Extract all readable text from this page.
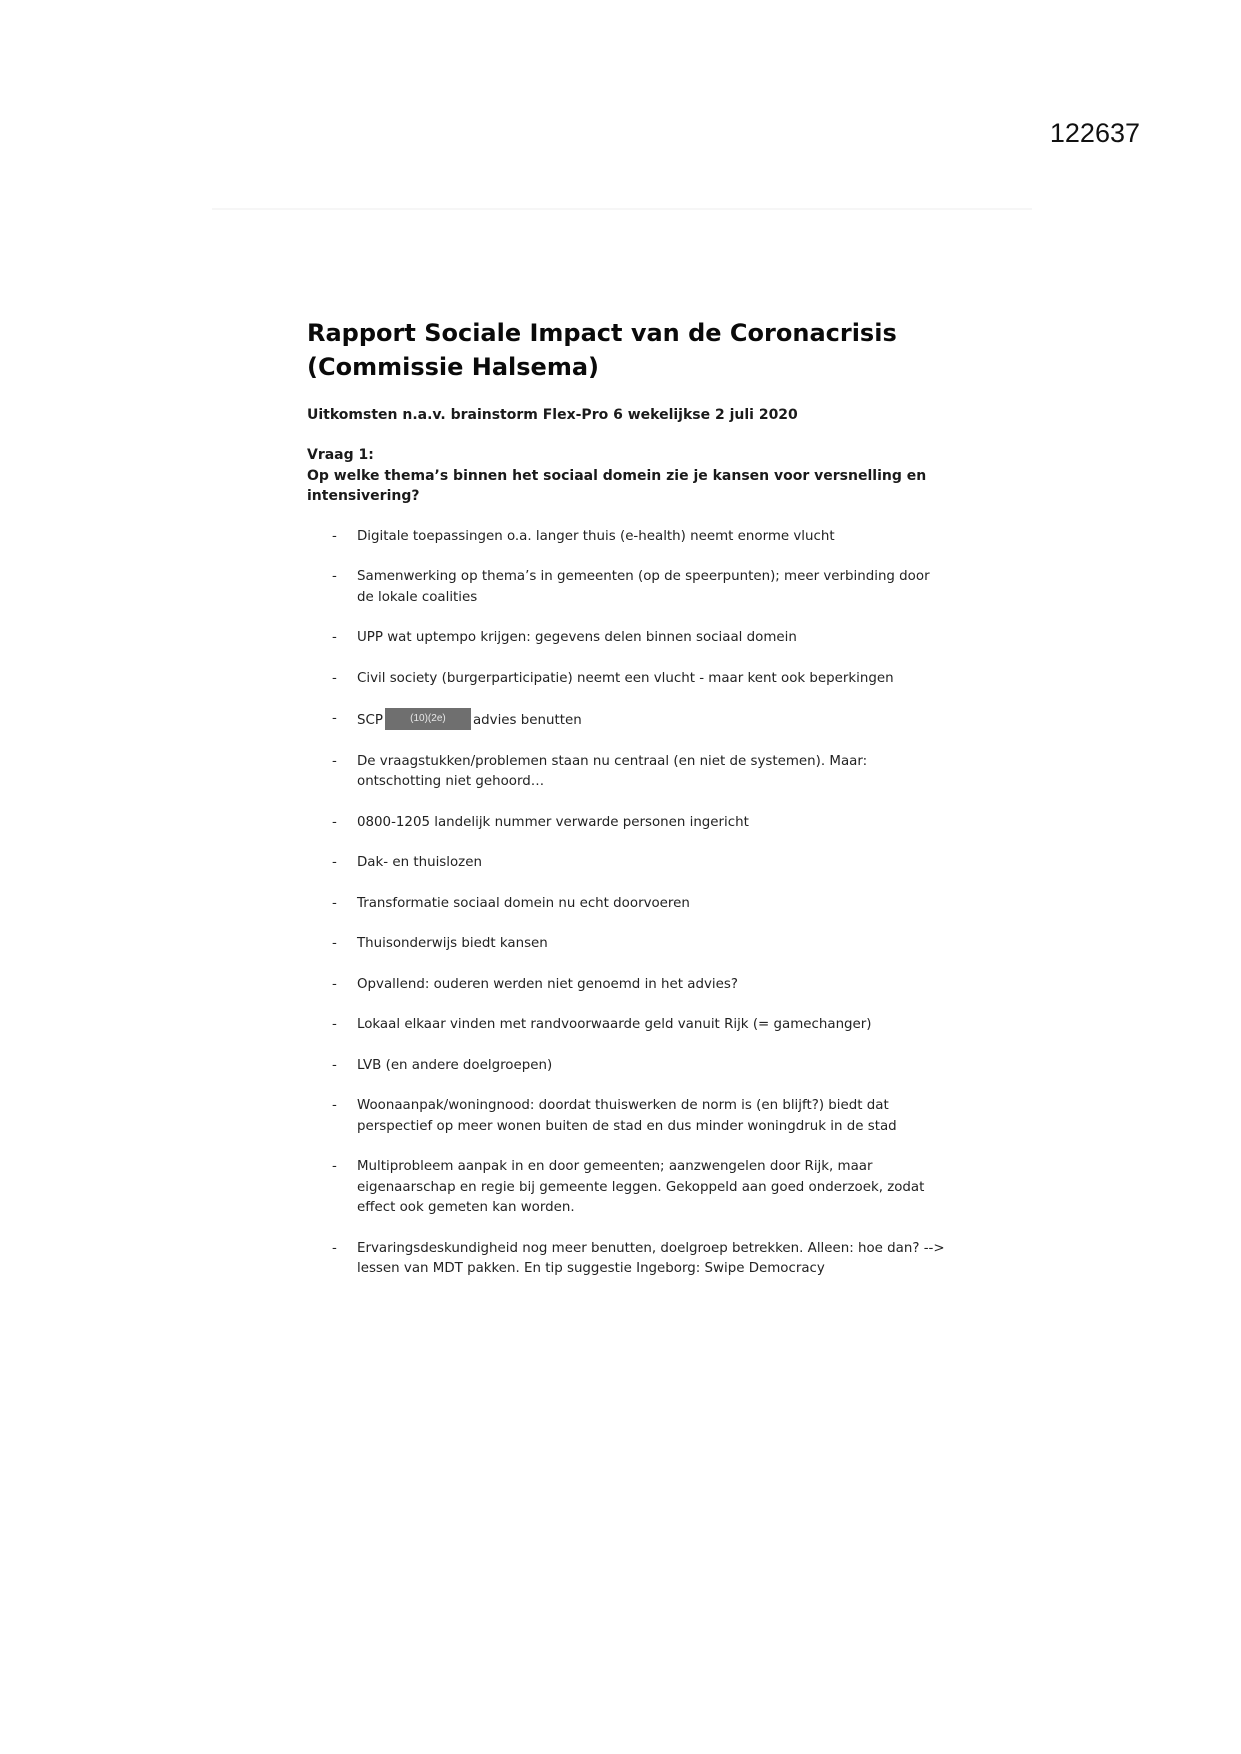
122637
Rapport Sociale Impact van de Coronacrisis
(Commissie Halsema)
Uitkomsten n.a.v. brainstorm Flex-Pro 6 wekelijkse 2 juli 2020
Vraag 1:
Op welke thema’s binnen het sociaal domein zie je kansen voor versnelling en intensivering?
- Digitale toepassingen o.a. langer thuis (e-health) neemt enorme vlucht
- Samenwerking op thema’s in gemeenten (op de speerpunten); meer verbinding door de lokale coalities
- UPP wat uptempo krijgen: gegevens delen binnen sociaal domein
- Civil society (burgerparticipatie) neemt een vlucht - maar kent ook beperkingen
- SCP	(10)(2e) advies benutten
- De vraagstukken/problemen staan nu centraal (en niet de systemen). Maar: ontschotting niet gehoord…
- 0800-1205 landelijk nummer verwarde personen ingericht
- Dak- en thuislozen
- Transformatie sociaal domein nu echt doorvoeren
- Thuisonderwijs biedt kansen
- Opvallend: ouderen werden niet genoemd in het advies?
- Lokaal elkaar vinden met randvoorwaarde geld vanuit Rijk (= gamechanger)
- LVB (en andere doelgroepen)
- Woonaanpak/woningnood: doordat thuiswerken de norm is (en blijft?) biedt dat perspectief op meer wonen buiten de stad en dus minder woningdruk in de stad
- Multiprobleem aanpak in en door gemeenten; aanzwengelen door Rijk, maar eigenaarschap en regie bij gemeente leggen. Gekoppeld aan goed onderzoek, zodat effect ook gemeten kan worden.
- Ervaringsdeskundigheid nog meer benutten, doelgroep betrekken. Alleen: hoe dan? --> lessen van MDT pakken. En tip suggestie Ingeborg: Swipe Democracy
